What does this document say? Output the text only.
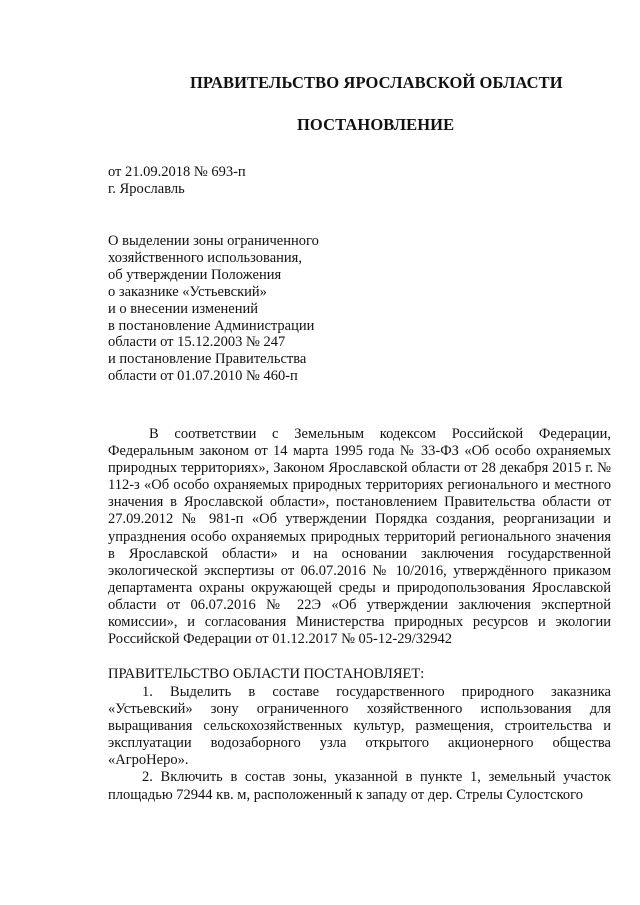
ПРАВИТЕЛЬСТВО ЯРОСЛАВСКОЙ ОБЛАСТИ
ПОСТАНОВЛЕНИЕ
от 21.09.2018 № 693-п
г. Ярославль
О выделении зоны ограниченного
хозяйственного использования,
об утверждении Положения
о заказнике «Устьевский»
и о внесении изменений
в постановление Администрации
области от 15.12.2003 № 247
и постановление Правительства
области от 01.07.2010 № 460-п

В соответствии с Земельным кодексом Российской Федерации, Федеральным законом от 14 марта 1995 года № 33-ФЗ «Об особо охраняемых природных территориях», Законом Ярославской области от 28 декабря 2015 г. № 112-з «Об особо охраняемых природных территориях регионального и местного значения в Ярославской области», постановлением Правительства области от 27.09.2012 № 981-п «Об утверждении Порядка создания, реорганизации и упразднения особо охраняемых природных территорий регионального значения в Ярославской области» и на основании заключения государственной экологической экспертизы от 06.07.2016 № 10/2016, утверждённого приказом департамента охраны окружающей среды и природопользования Ярославской области от 06.07.2016 № 22Э «Об утверждении заключения экспертной комиссии», и согласования Министерства природных ресурсов и экологии Российской Федерации от 01.12.2017 № 05-12-29/32942

ПРАВИТЕЛЬСТВО ОБЛАСТИ ПОСТАНОВЛЯЕТ:

1. Выделить в составе государственного природного заказника «Устьевский» зону ограниченного хозяйственного использования для выращивания сельскохозяйственных культур, размещения, строительства и эксплуатации водозаборного узла открытого акционерного общества «АгроНеро».

2. Включить в состав зоны, указанной в пункте 1, земельный участок площадью 72944 кв. м, расположенный к западу от дер. Стрелы Сулостского
